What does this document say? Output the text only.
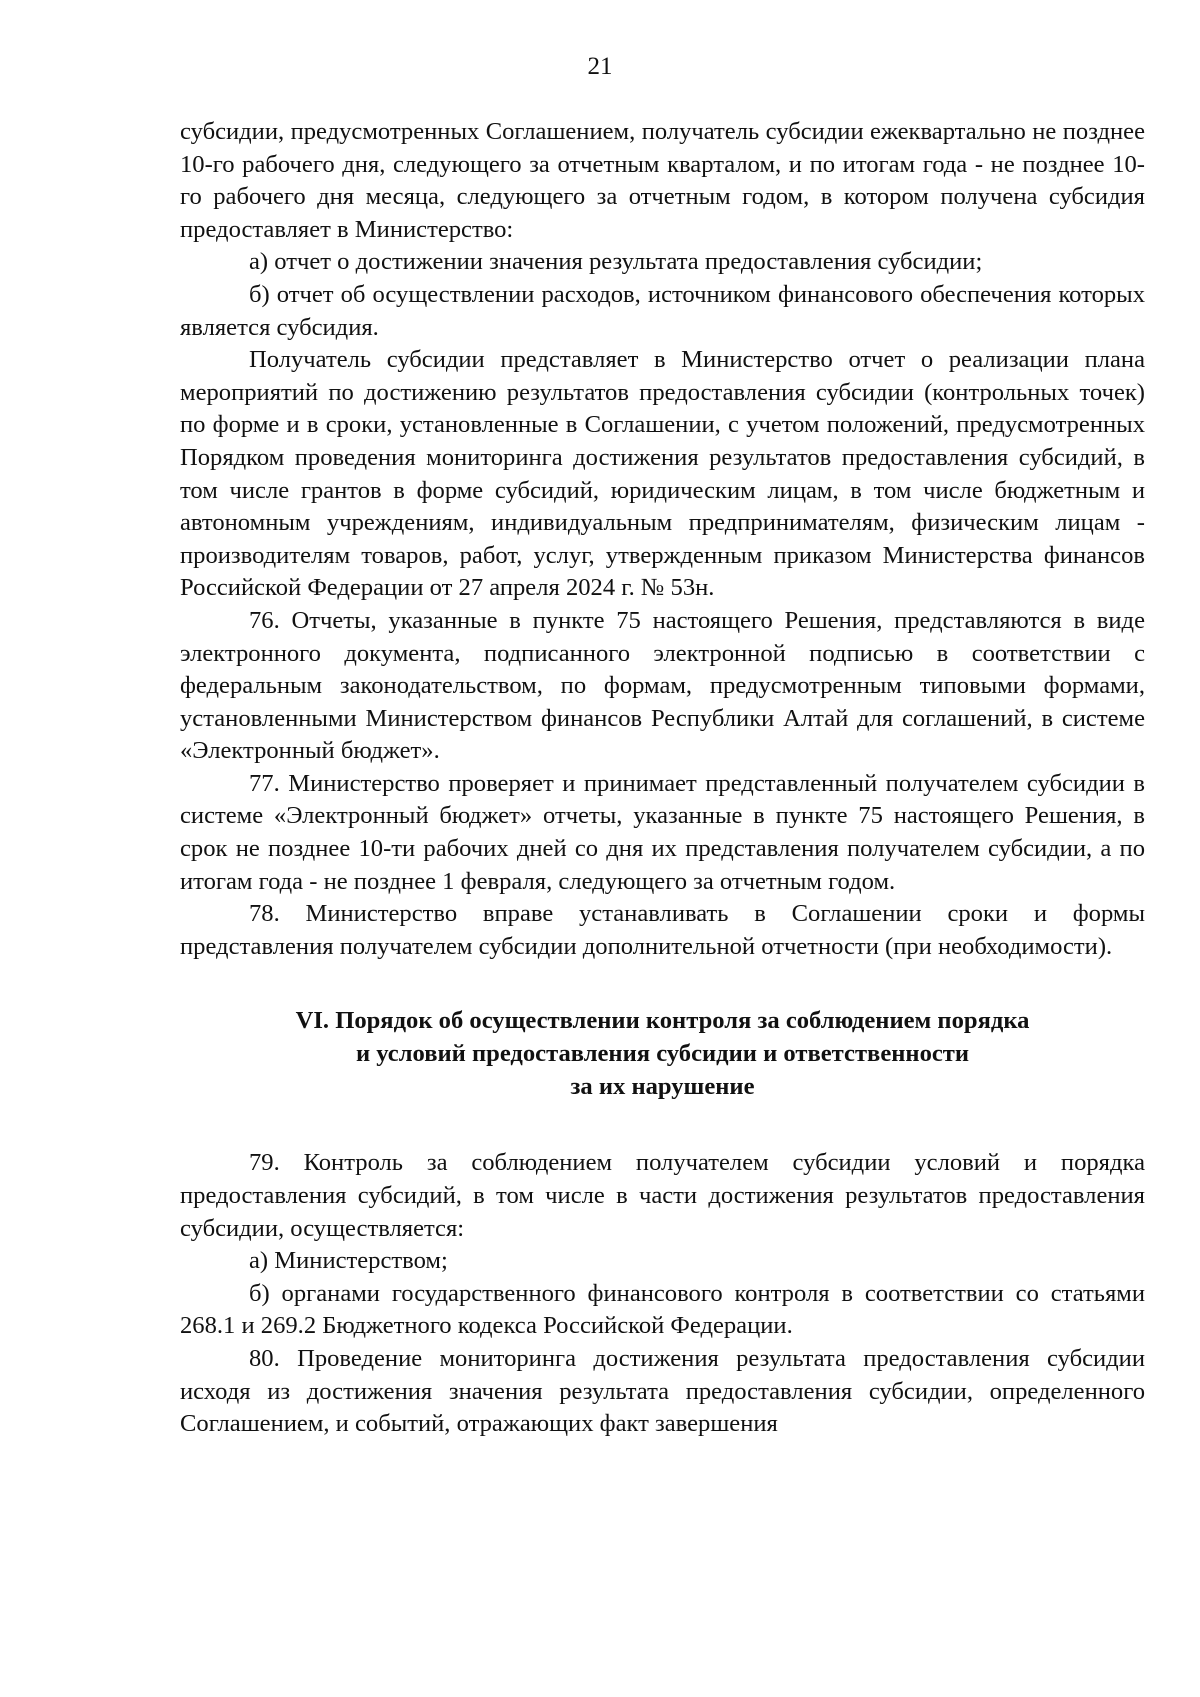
21

субсидии, предусмотренных Соглашением, получатель субсидии ежеквартально не позднее 10-го рабочего дня, следующего за отчетным кварталом, и по итогам года - не позднее 10-го рабочего дня месяца, следующего за отчетным годом, в котором получена субсидия предоставляет в Министерство:

а) отчет о достижении значения результата предоставления субсидии;

б) отчет об осуществлении расходов, источником финансового обеспечения которых является субсидия.

Получатель субсидии представляет в Министерство отчет о реализации плана мероприятий по достижению результатов предоставления субсидии (контрольных точек) по форме и в сроки, установленные в Соглашении, с учетом положений, предусмотренных Порядком проведения мониторинга достижения результатов предоставления субсидий, в том числе грантов в форме субсидий, юридическим лицам, в том числе бюджетным и автономным учреждениям, индивидуальным предпринимателям, физическим лицам - производителям товаров, работ, услуг, утвержденным приказом Министерства финансов Российской Федерации от 27 апреля 2024 г. № 53н.

76. Отчеты, указанные в пункте 75 настоящего Решения, представляются в виде электронного документа, подписанного электронной подписью в соответствии с федеральным законодательством, по формам, предусмотренным типовыми формами, установленными Министерством финансов Республики Алтай для соглашений, в системе «Электронный бюджет».

77. Министерство проверяет и принимает представленный получателем субсидии в системе «Электронный бюджет» отчеты, указанные в пункте 75 настоящего Решения, в срок не позднее 10-ти рабочих дней со дня их представления получателем субсидии, а по итогам года - не позднее 1 февраля, следующего за отчетным годом.

78. Министерство вправе устанавливать в Соглашении сроки и формы представления получателем субсидии дополнительной отчетности (при необходимости).

VI. Порядок об осуществлении контроля за соблюдением порядка
и условий предоставления субсидии и ответственности
за их нарушение

79. Контроль за соблюдением получателем субсидии условий и порядка предоставления субсидий, в том числе в части достижения результатов предоставления субсидии, осуществляется:

а) Министерством;

б) органами государственного финансового контроля в соответствии со статьями 268.1 и 269.2 Бюджетного кодекса Российской Федерации.

80. Проведение мониторинга достижения результата предоставления субсидии исходя из достижения значения результата предоставления субсидии, определенного Соглашением, и событий, отражающих факт завершения
